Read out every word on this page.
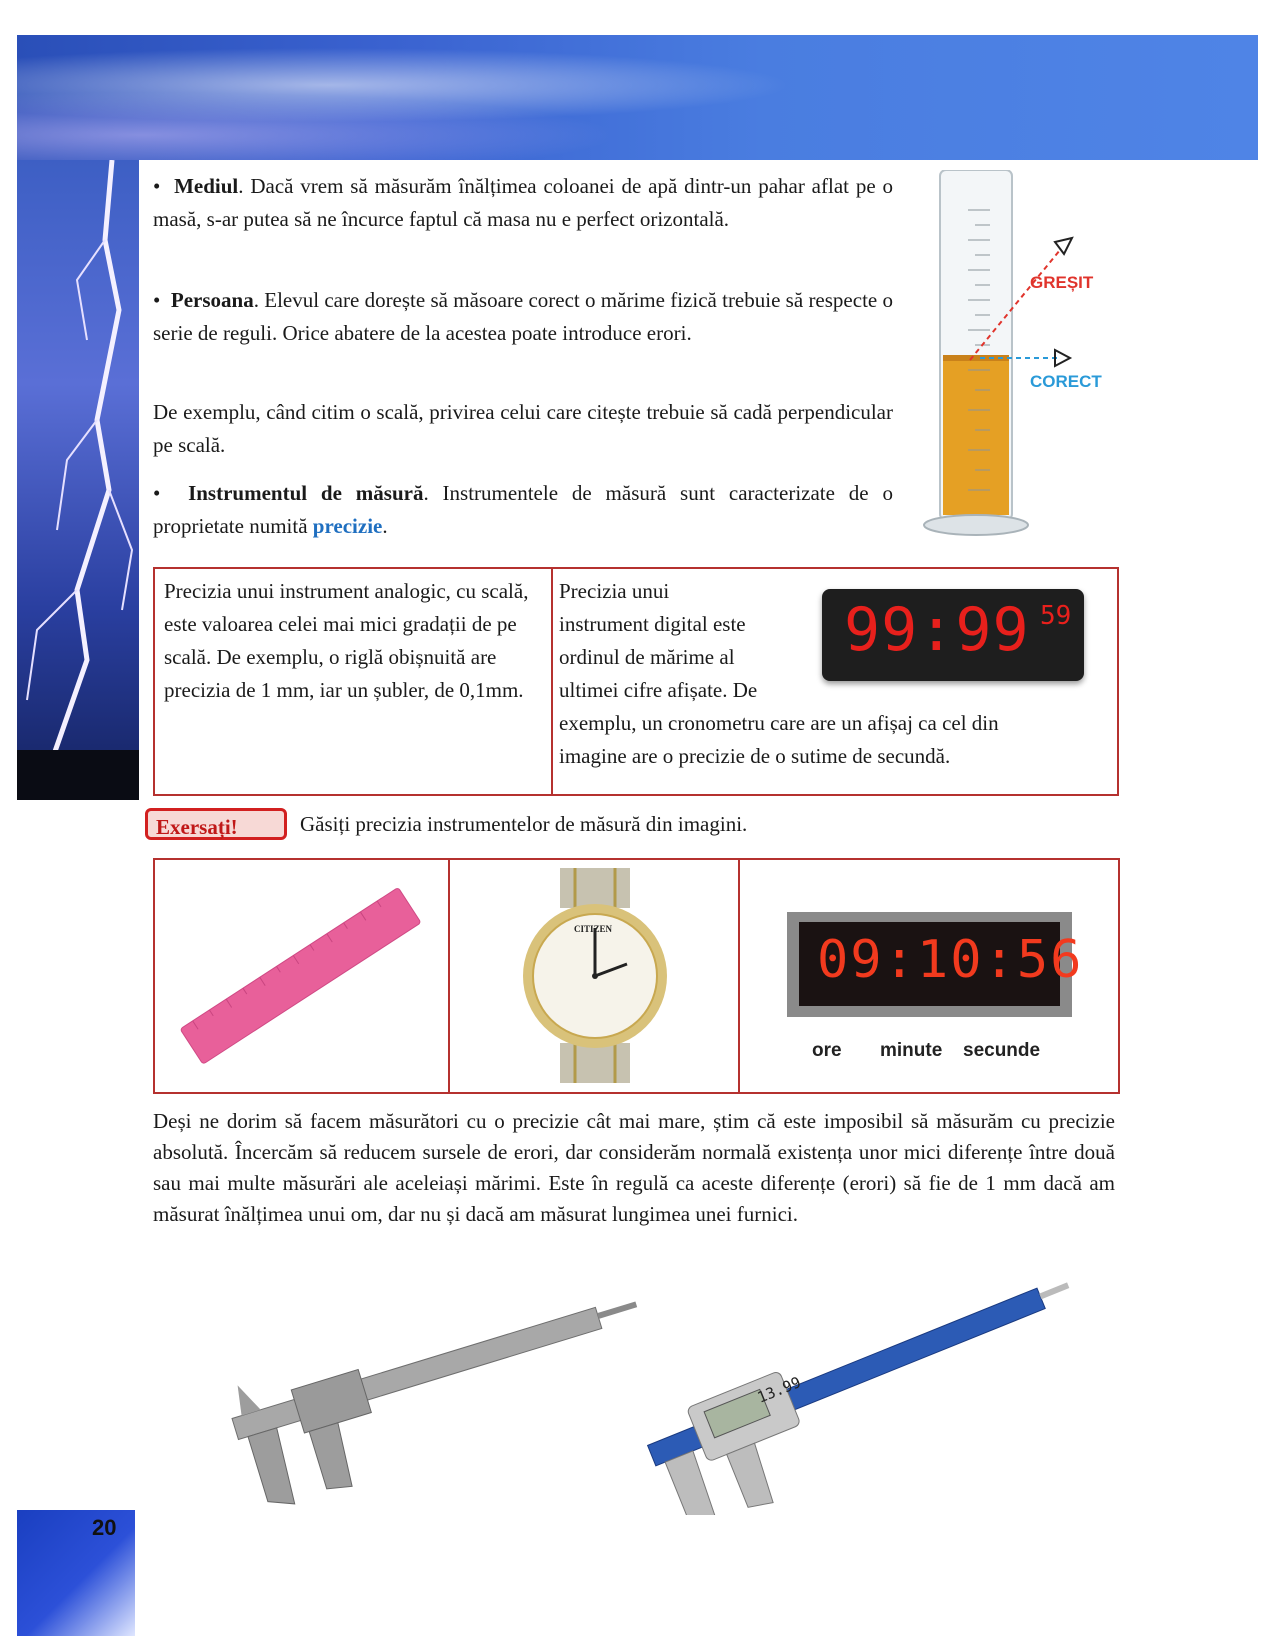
•  Mediul. Dacă vrem să măsurăm înălțimea coloanei de apă dintr-un pahar aflat pe o masă, s-ar putea să ne încurce faptul că masa nu e perfect orizontală.

•  Persoana. Elevul care dorește să măsoare corect o mărime fizică trebuie să respecte o serie de reguli. Orice abatere de la acestea poate introduce erori.

De exemplu, când citim o scală, privirea celui care citește trebuie să cadă perpendicular pe scală.

•  Instrumentul de măsură. Instrumentele de măsură sunt caracterizate de o proprietate numită precizie.

GREȘIT
CORECT

Precizia unui instrument analogic, cu scală, este valoarea celei mai mici gradații de pe scală. De exemplu, o riglă obișnuită are precizia de 1 mm, iar un șubler, de 0,1mm.

Precizia unui
instrument digital este
ordinul de mărime al
ultimei cifre afișate. De
exemplu, un cronometru care are un afișaj ca cel din
imagine are o precizie de o sutime de secundă.
99:99 59
Exersați!	Găsiți precizia instrumentelor de măsură din imagini.
CITIZEN
09:10:56
ore minute secunde

Deși ne dorim să facem măsurători cu o precizie cât mai mare, știm că este imposibil să măsurăm cu precizie absolută. Încercăm să reducem sursele de erori, dar considerăm normală existența unor mici diferențe între două sau mai multe măsurări ale aceleiași mărimi. Este în regulă ca aceste diferențe (erori) să fie de 1 mm dacă am măsurat înălțimea unui om, dar nu și dacă am măsurat lungimea unei furnici.

13.99
20
